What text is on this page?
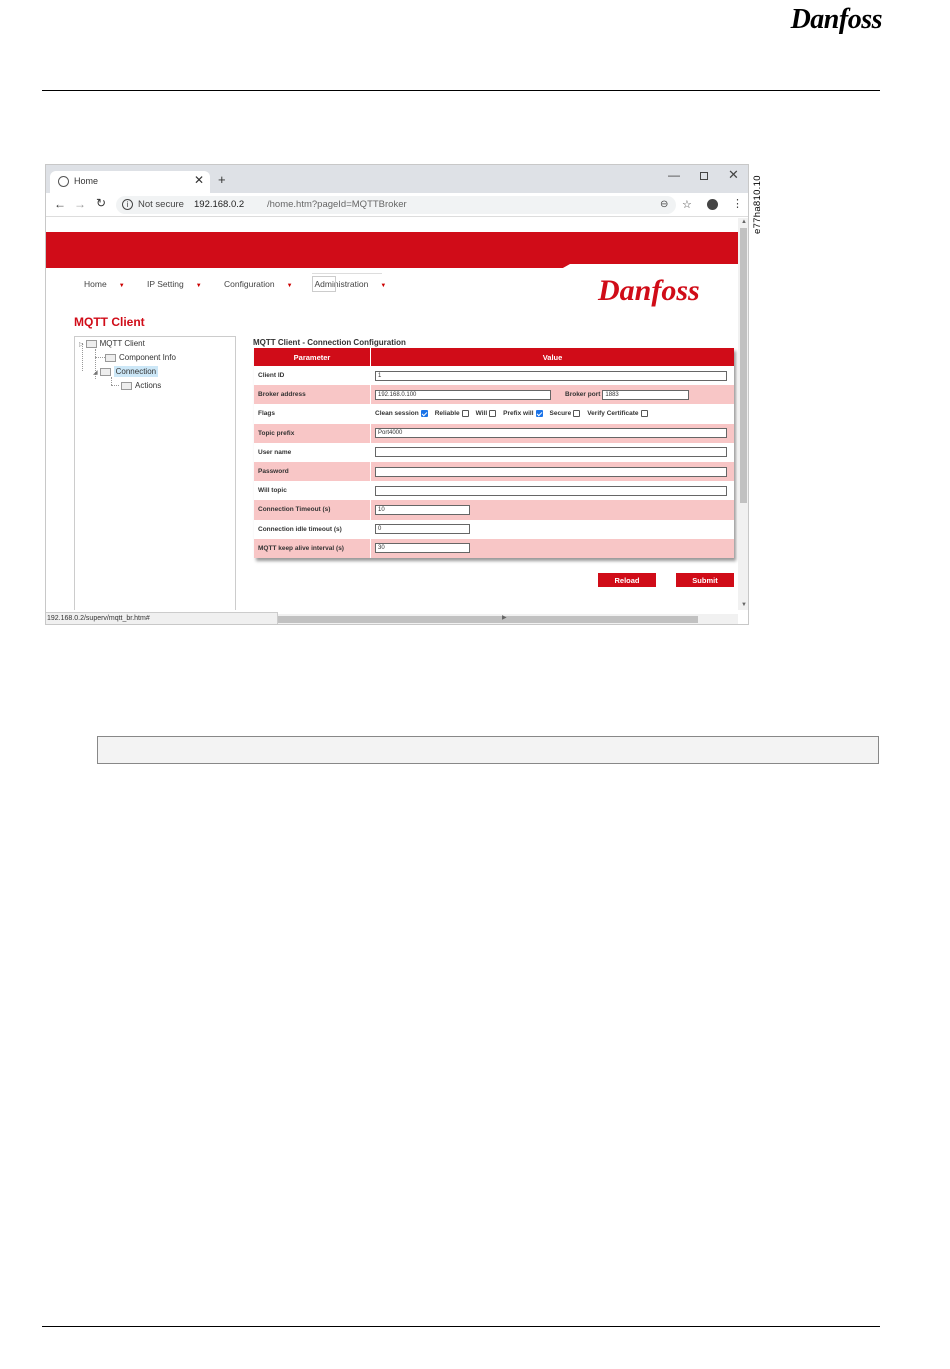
Danfoss
e77ha810.10
Home	✕ +	—	✕
← → ↻	i	Not secure 192.168.0.2 /home.htm?pageId=MQTTBroker	⊖ ☆	⋮
Home ▼	IP Setting ▼	Configuration ▼	Administration ▼	Danfoss
MQTT Client
▷ MQTT Client
Component Info
◢ Connection
Actions
MQTT Client - Connection Configuration
Parameter	Value
Client ID	1
Broker address	192.168.0.100	Broker port 1883
Flags	Clean session Reliable Will Prefix will Secure Verify Certificate
Topic prefix	Port4000
User name
Password
Will topic
Connection Timeout (s)	10
Connection idle timeout (s)	0
MQTT keep alive interval (s)	30
Reload	Submit
▲
▼
192.168.0.2/superv/mqtt_br.htm#	▶
